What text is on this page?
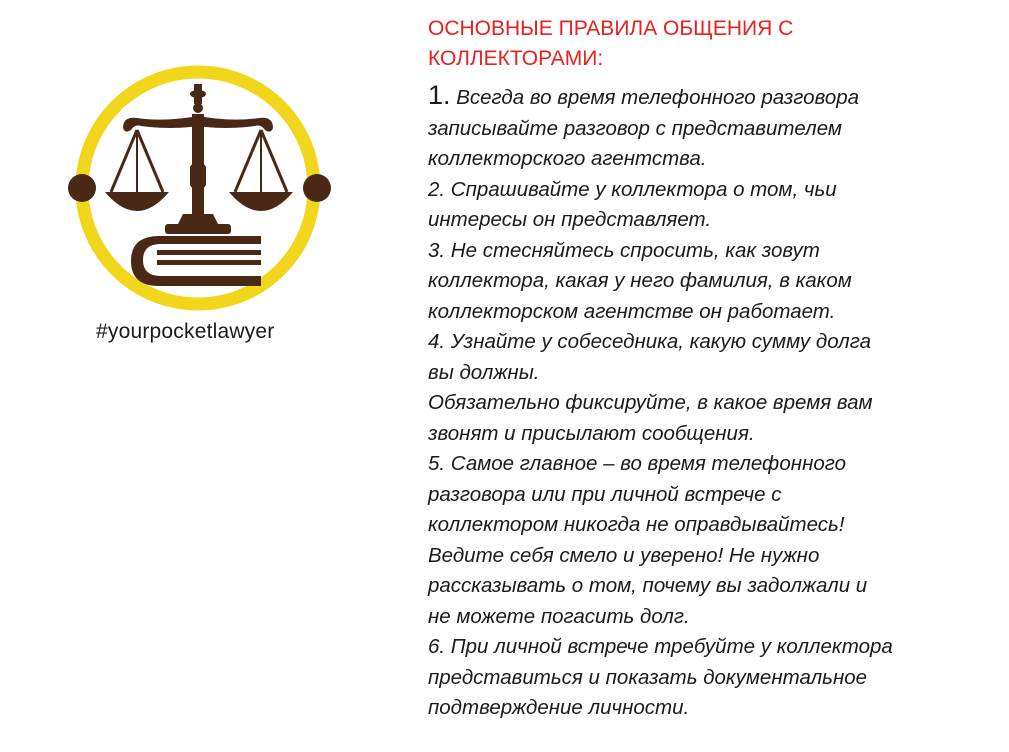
#yourpocketlawyer

ОСНОВНЫЕ ПРАВИЛА ОБЩЕНИЯ С
КОЛЛЕКТОРАМИ:

1. Всегда во время телефонного разговора
записывайте разговор с представителем
коллекторского агентства.

2. Спрашивайте у коллектора о том, чьи
интересы он представляет.

3. Не стесняйтесь спросить, как зовут
коллектора, какая у него фамилия, в каком
коллекторском агентстве он работает.

4. Узнайте у собеседника, какую сумму долга
вы должны.
Обязательно фиксируйте, в какое время вам
звонят и присылают сообщения.

5. Самое главное – во время телефонного
разговора или при личной встрече с
коллектором никогда не оправдывайтесь!
Ведите себя смело и уверено! Не нужно
рассказывать о том, почему вы задолжали и
не можете погасить долг.

6. При личной встрече требуйте у коллектора
представиться и показать документальное
подтверждение личности.
